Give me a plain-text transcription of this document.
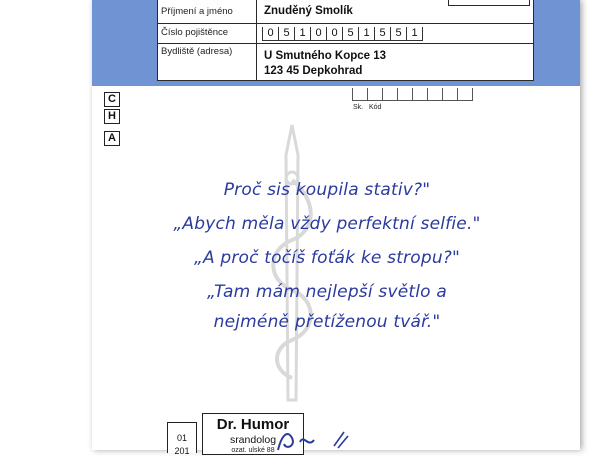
Příjmení a jméno	Znuděný Smolík
Číslo pojištěnce	0 5 1 0 0 5 1 5 5 1
Bydliště (adresa)	U Smutného Kopce 13
123 45 Depkohrad
C
H
A
Sk. Kód
Proč sis koupila stativ?"
„Abych měla vždy perfektní selfie."
„A proč točíš foťák ke stropu?"
„Tam mám nejlepší světlo a
nejméně přetíženou tvář."
01
201
Dr. Humor
srandolog
ozat. ulské 88
